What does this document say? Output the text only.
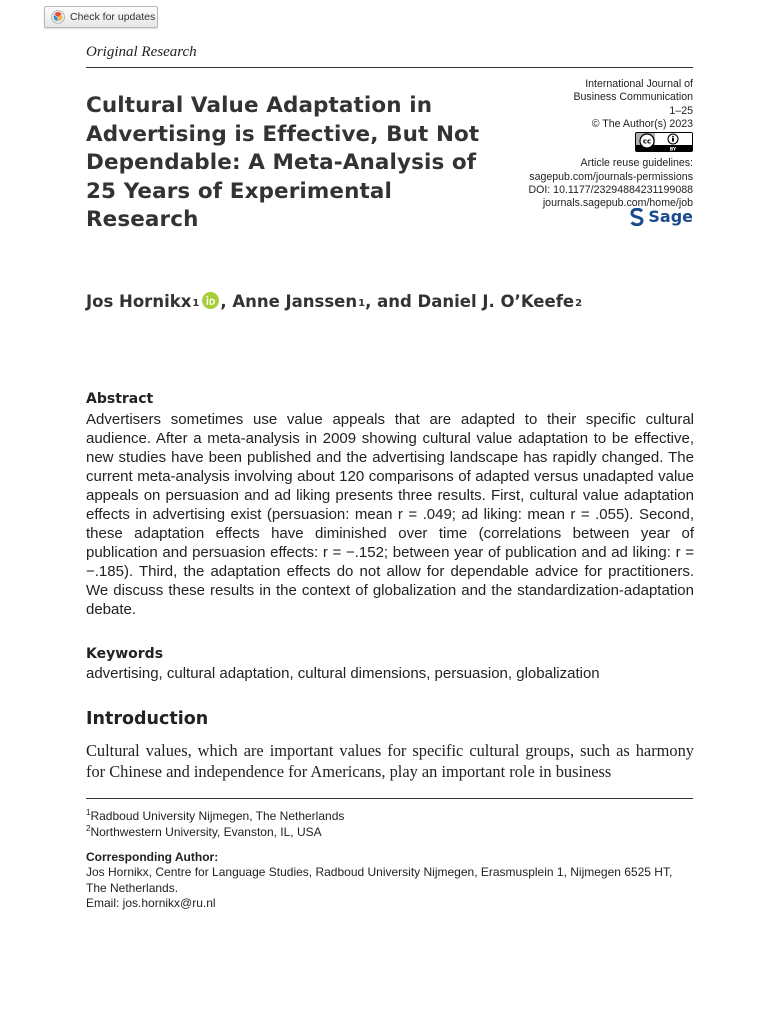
Check for updates
Original Research
Cultural Value Adaptation in Advertising is Effective, But Not Dependable: A Meta-Analysis of 25 Years of Experimental Research
International Journal of
Business Communication
1–25
© The Author(s) 2023
cc
BY
Article reuse guidelines:
sagepub.com/journals-permissions
DOI: 10.1177/23294884231199088
journals.sagepub.com/home/job
Sage
Jos Hornikx$^1$ , Anne Janssen$^1$ , and Daniel J. O’Keefe$^2$
Abstract

Advertisers sometimes use value appeals that are adapted to their specific cultural audience. After a meta-analysis in 2009 showing cultural value adaptation to be effective, new studies have been published and the advertising landscape has rapidly changed. The current meta-analysis involving about 120 comparisons of adapted versus unadapted value appeals on persuasion and ad liking presents three results. First, cultural value adaptation effects in advertising exist (persuasion: mean r = .049; ad liking: mean r = .055). Second, these adaptation effects have diminished over time (correlations between year of publication and persuasion effects: r = −.152; between year of publication and ad liking: r = −.185). Third, the adaptation effects do not allow for dependable advice for practitioners. We discuss these results in the context of globalization and the standardization-adaptation debate.

Keywords
advertising, cultural adaptation, cultural dimensions, persuasion, globalization
Introduction

Cultural values, which are important values for specific cultural groups, such as harmony for Chinese and independence for Americans, play an important role in business

$^1$Radboud University Nijmegen, The Netherlands
$^2$Northwestern University, Evanston, IL, USA
Corresponding Author:
Jos Hornikx, Centre for Language Studies, Radboud University Nijmegen, Erasmusplein 1, Nijmegen 6525 HT, The Netherlands.
Email: jos.hornikx@ru.nl
